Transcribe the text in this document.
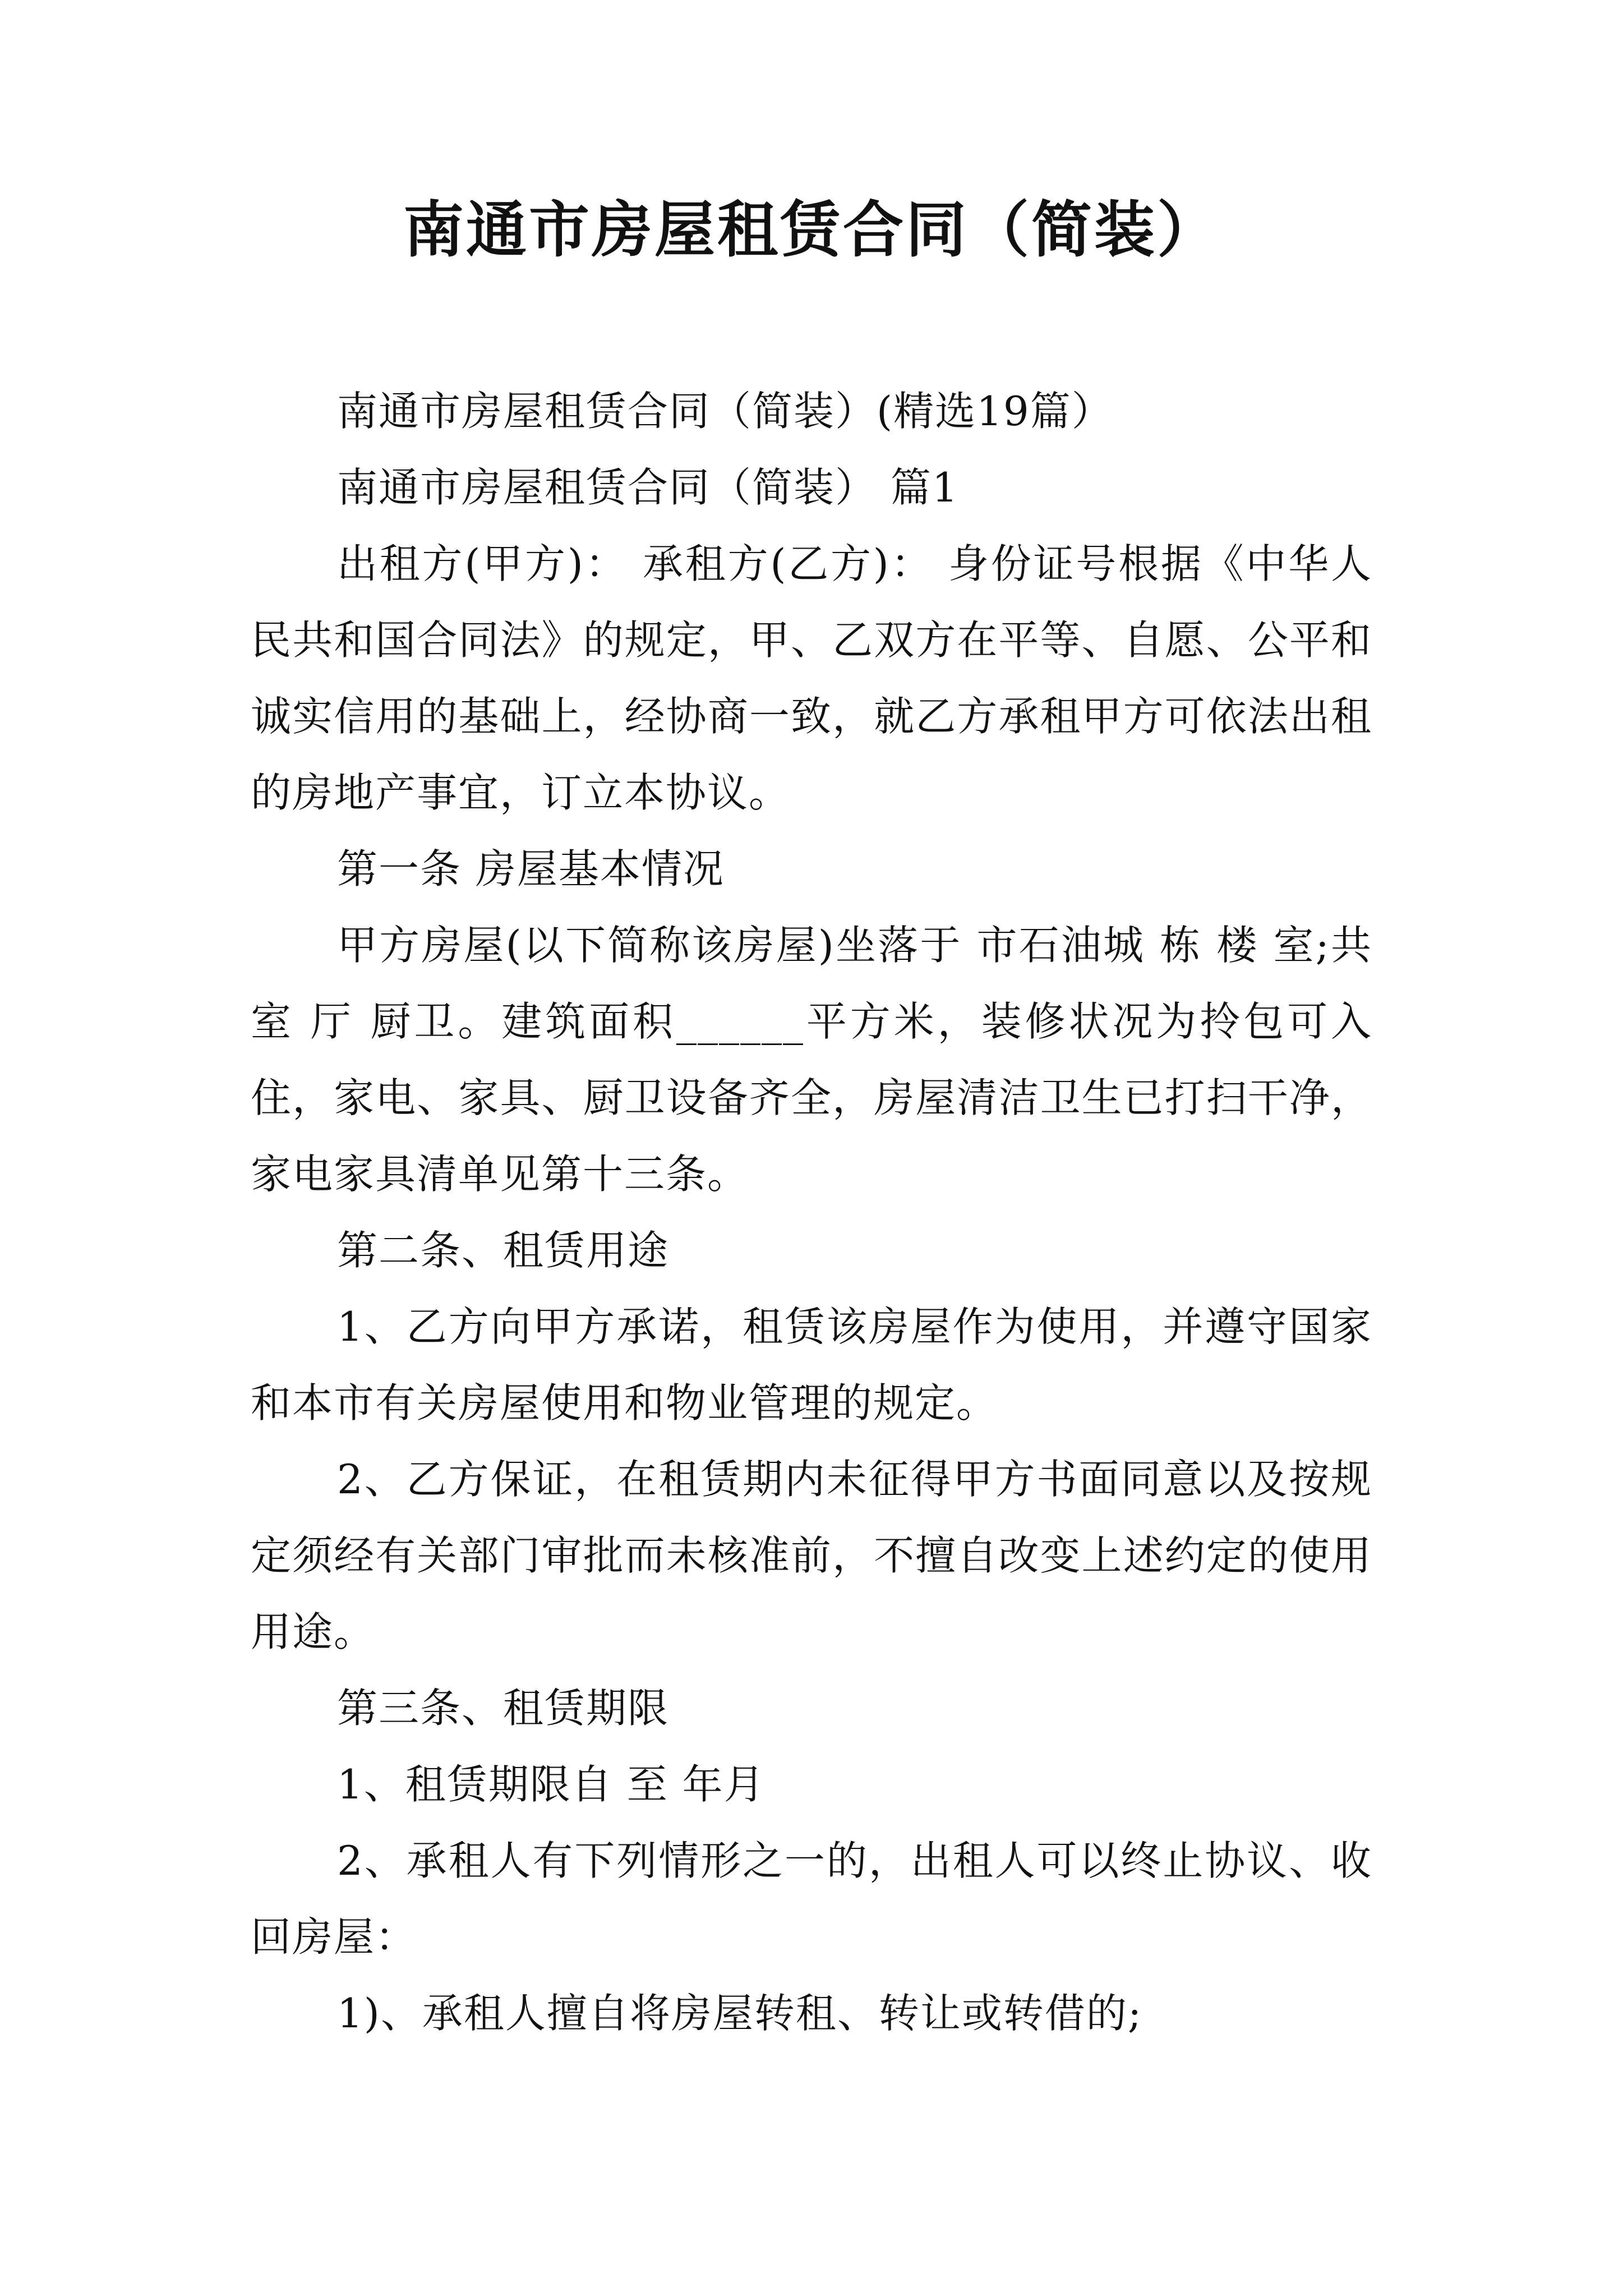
南通市房屋租赁合同（简装）

南通市房屋租赁合同（简装）(精选19篇）

南通市房屋租赁合同（简装） 篇1

出租方(甲方)： 承租方(乙方)： 身份证号根据《中华人民共和国合同法》的规定，甲、乙双方在平等、自愿、公平和诚实信用的基础上，经协商一致，就乙方承租甲方可依法出租的房地产事宜，订立本协议。

第一条 房屋基本情况

甲方房屋(以下简称该房屋)坐落于 市石油城 栋 楼 室;共 室 厅 厨卫。建筑面积______平方米，装修状况为拎包可入住，家电、家具、厨卫设备齐全，房屋清洁卫生已打扫干净，家电家具清单见第十三条。

第二条、租赁用途

1、乙方向甲方承诺，租赁该房屋作为使用，并遵守国家和本市有关房屋使用和物业管理的规定。

2、乙方保证，在租赁期内未征得甲方书面同意以及按规定须经有关部门审批而未核准前，不擅自改变上述约定的使用用途。

第三条、租赁期限

1、租赁期限自 至 年月

2、承租人有下列情形之一的，出租人可以终止协议、收回房屋：

1)、承租人擅自将房屋转租、转让或转借的;
